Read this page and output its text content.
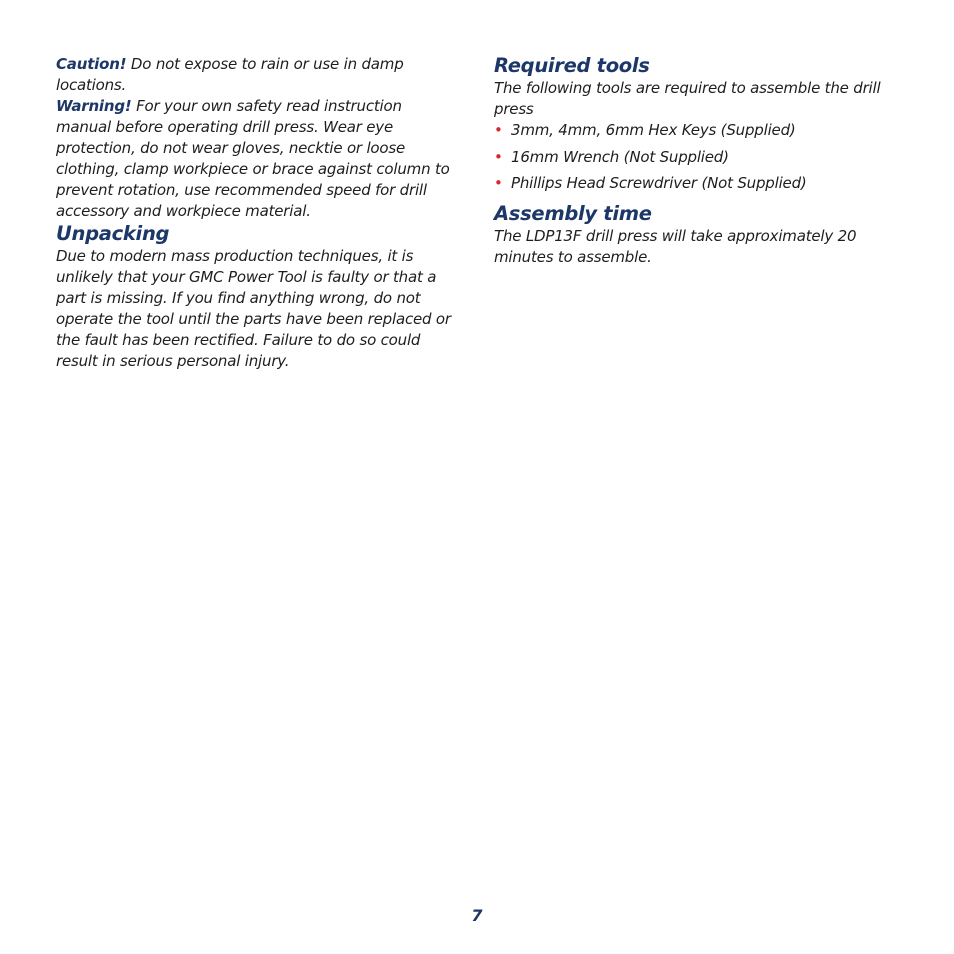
Caution! Do not expose to rain or use in damp locations.

Warning! For your own safety read instruction manual before operating drill press. Wear eye protection, do not wear gloves, necktie or loose clothing, clamp workpiece or brace against column to prevent rotation, use recommended speed for drill accessory and workpiece material.

Unpacking

Due to modern mass production techniques, it is unlikely that your GMC Power Tool is faulty or that a part is missing. If you find anything wrong, do not operate the tool until the parts have been replaced or the fault has been rectified. Failure to do so could result in serious personal injury.

Required tools

The following tools are required to assemble the drill press

• 3mm, 4mm, 6mm Hex Keys (Supplied)
• 16mm Wrench (Not Supplied)
• Phillips Head Screwdriver (Not Supplied)
Assembly time

The LDP13F drill press will take approximately 20 minutes to assemble.

7
